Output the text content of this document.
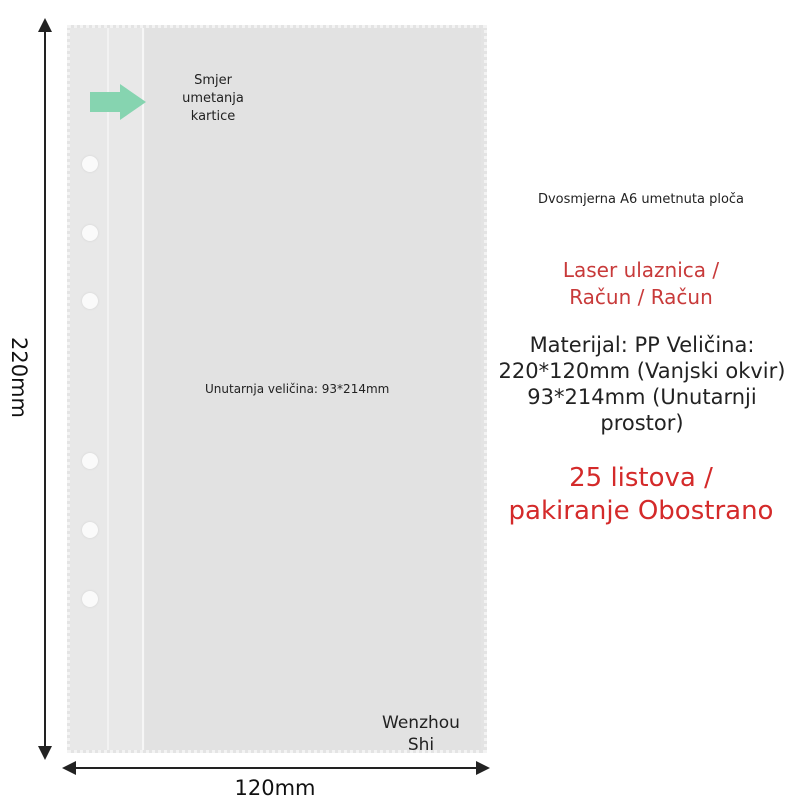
Smjer
umetanja
kartice
Unutarnja veličina: 93*214mm
Wenzhou
Shi
220mm
120mm
Dvosmjerna A6 umetnuta ploča
Laser ulaznica /
Račun / Račun
Materijal: PP Veličina:
220*120mm (Vanjski okvir)
93*214mm (Unutarnji
prostor)
25 listova /
pakiranje Obostrano
